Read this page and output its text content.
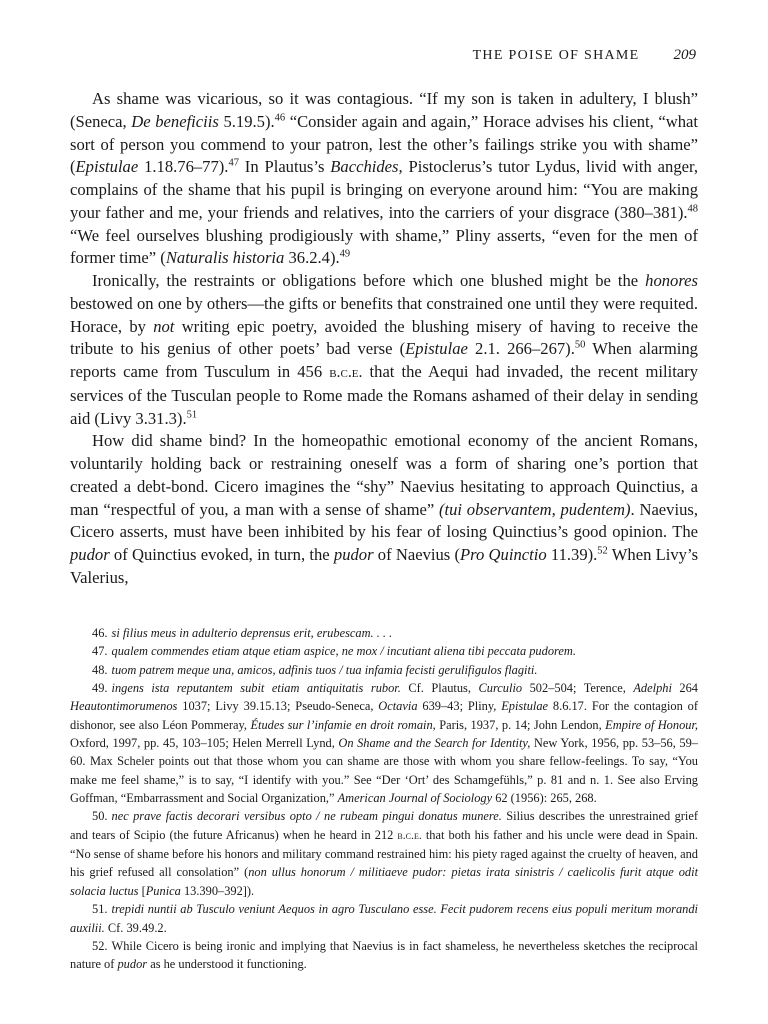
THE POISE OF SHAME 209

As shame was vicarious, so it was contagious. “If my son is taken in adultery, I blush” (Seneca, De beneficiis 5.19.5).$^{46}$ “Consider again and again,” Horace advises his client, “what sort of person you commend to your patron, lest the other’s failings strike you with shame” (Epistulae 1.18.76–77).$^{47}$ In Plautus’s Bacchides, Pistoclerus’s tutor Lydus, livid with anger, complains of the shame that his pupil is bringing on everyone around him: “You are making your father and me, your friends and relatives, into the carriers of your disgrace (380–381).$^{48}$ “We feel ourselves blushing prodigiously with shame,” Pliny asserts, “even for the men of former time” (Naturalis historia 36.2.4).$^{49}$

Ironically, the restraints or obligations before which one blushed might be the honores bestowed on one by others—the gifts or benefits that constrained one until they were requited. Horace, by not writing epic poetry, avoided the blushing misery of having to receive the tribute to his genius of other poets’ bad verse (Epistulae 2.1. 266–267).$^{50}$ When alarming reports came from Tusculum in 456 b.c.e. that the Aequi had invaded, the recent military services of the Tusculan people to Rome made the Romans ashamed of their delay in sending aid (Livy 3.31.3).$^{51}$

How did shame bind? In the homeopathic emotional economy of the ancient Romans, voluntarily holding back or restraining oneself was a form of sharing one’s portion that created a debt-bond. Cicero imagines the “shy” Naevius hesitating to approach Quinctius, a man “respectful of you, a man with a sense of shame” (tui observantem, pudentem). Naevius, Cicero asserts, must have been inhibited by his fear of losing Quinctius’s good opinion. The pudor of Quinctius evoked, in turn, the pudor of Naevius (Pro Quinctio 11.39).$^{52}$ When Livy’s Valerius,

46. si filius meus in adulterio deprensus erit, erubescam. . . .

47. qualem commendes etiam atque etiam aspice, ne mox / incutiant aliena tibi peccata pudorem.

48. tuom patrem meque una, amicos, adfinis tuos / tua infamia fecisti gerulifigulos flagiti.

49. ingens ista reputantem subit etiam antiquitatis rubor. Cf. Plautus, Curculio 502–504; Terence, Adelphi 264 Heautontimorumenos 1037; Livy 39.15.13; Pseudo-Seneca, Octavia 639–43; Pliny, Epistulae 8.6.17. For the contagion of dishonor, see also Léon Pommeray, Études sur l’infamie en droit romain, Paris, 1937, p. 14; John Lendon, Empire of Honour, Oxford, 1997, pp. 45, 103–105; Helen Merrell Lynd, On Shame and the Search for Identity, New York, 1956, pp. 53–56, 59–60. Max Scheler points out that those whom you can shame are those with whom you share fellow-feelings. To say, “You make me feel shame,” is to say, “I identify with you.” See “Der ‘Ort’ des Schamgefühls,” p. 81 and n. 1. See also Erving Goffman, “Embarrassment and Social Organization,” American Journal of Sociology 62 (1956): 265, 268.

50. nec prave factis decorari versibus opto / ne rubeam pingui donatus munere. Silius describes the unrestrained grief and tears of Scipio (the future Africanus) when he heard in 212 b.c.e. that both his father and his uncle were dead in Spain. “No sense of shame before his honors and military command restrained him: his piety raged against the cruelty of heaven, and his grief refused all consolation” (non ullus honorum / militiaeve pudor: pietas irata sinistris / caelicolis furit atque odit solacia luctus [Punica 13.390–392]).

51. trepidi nuntii ab Tusculo veniunt Aequos in agro Tusculano esse. Fecit pudorem recens eius populi meritum morandi auxilii. Cf. 39.49.2.

52. While Cicero is being ironic and implying that Naevius is in fact shameless, he nevertheless sketches the reciprocal nature of pudor as he understood it functioning.
